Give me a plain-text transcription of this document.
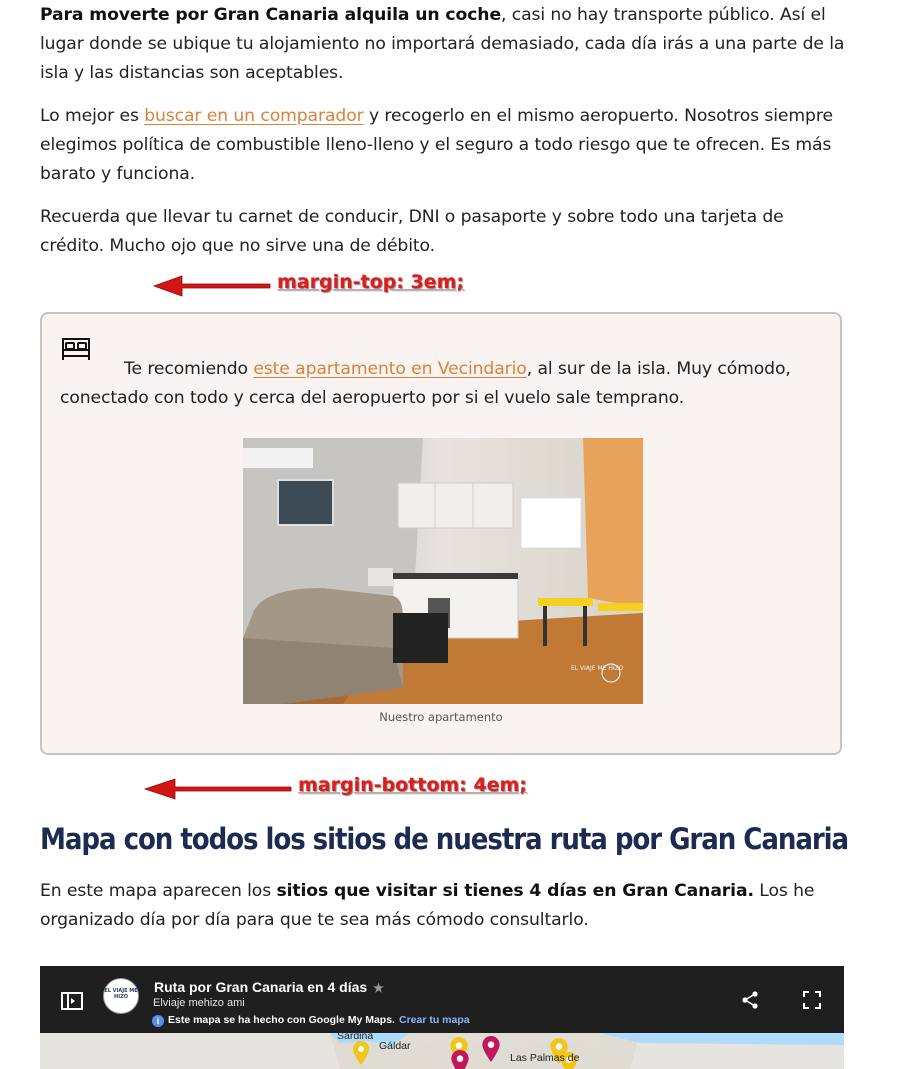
Para moverte por Gran Canaria alquila un coche, casi no hay transporte público. Así el lugar donde se ubique tu alojamiento no importará demasiado, cada día irás a una parte de la isla y las distancias son aceptables.

Lo mejor es buscar en un comparador y recogerlo en el mismo aeropuerto. Nosotros siempre elegimos política de combustible lleno-lleno y el seguro a todo riesgo que te ofrecen. Es más barato y funciona.

Recuerda que llevar tu carnet de conducir, DNI o pasaporte y sobre todo una tarjeta de crédito. Mucho ojo que no sirve una de débito.

En este mapa aparecen los sitios que visitar si tienes 4 días en Gran Canaria. Los he organizado día por día para que te sea más cómodo consultarlo.

margin-top: 3em;

Te recomiendo este apartamento en Vecindario, al sur de la isla. Muy cómodo, conectado con todo y cerca del aeropuerto por si el vuelo sale temprano.

EL VIAJE ME HIZO
Nuestro apartamento
margin-bottom: 4em;
Mapa con todos los sitios de nuestra ruta por Gran Canaria
EL VIAJE ME HIZO
Ruta por Gran Canaria en 4 días ★
Elviaje mehizo ami
i Este mapa se ha hecho con Google My Maps. Crear tu mapa
Sardina
Gáldar
Las Palmas de
